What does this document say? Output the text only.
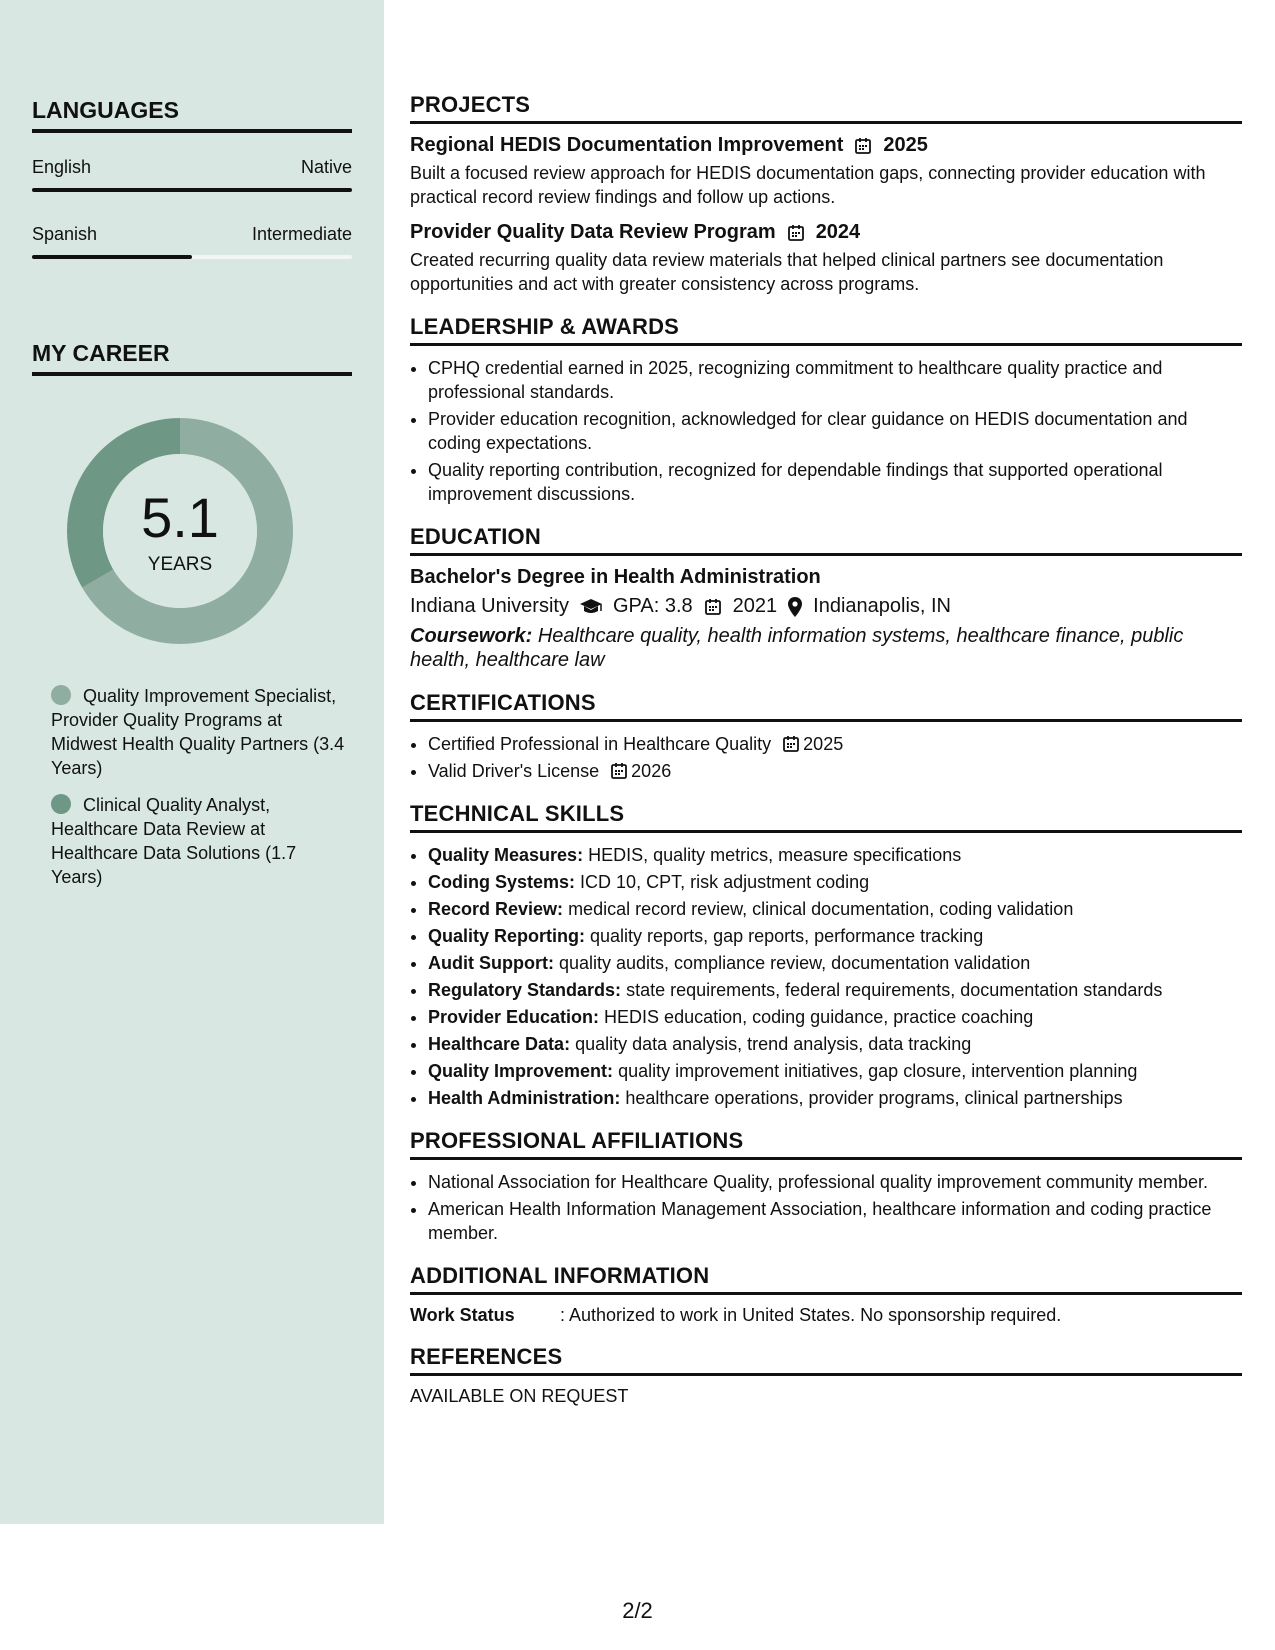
LANGUAGES
English	Native
Spanish	Intermediate
MY CAREER
5.1
YEARS
Quality Improvement Specialist, Provider Quality Programs at Midwest Health Quality Partners (3.4 Years)
Clinical Quality Analyst, Healthcare Data Review at Healthcare Data Solutions (1.7 Years)
PROJECTS
Regional HEDIS Documentation Improvement 2025
Built a focused review approach for HEDIS documentation gaps, connecting provider education with practical record review findings and follow up actions.
Provider Quality Data Review Program 2024
Created recurring quality data review materials that helped clinical partners see documentation opportunities and act with greater consistency across programs.
LEADERSHIP & AWARDS
• CPHQ credential earned in 2025, recognizing commitment to healthcare quality practice and professional standards.
• Provider education recognition, acknowledged for clear guidance on HEDIS documentation and coding expectations.
• Quality reporting contribution, recognized for dependable findings that supported operational improvement discussions.
EDUCATION
Bachelor's Degree in Health Administration
Indiana University GPA: 3.8 2021 Indianapolis, IN
Coursework: Healthcare quality, health information systems, healthcare finance, public health, healthcare law
CERTIFICATIONS
• Certified Professional in Healthcare Quality 2025
• Valid Driver's License 2026
TECHNICAL SKILLS
• Quality Measures: HEDIS, quality metrics, measure specifications
• Coding Systems: ICD 10, CPT, risk adjustment coding
• Record Review: medical record review, clinical documentation, coding validation
• Quality Reporting: quality reports, gap reports, performance tracking
• Audit Support: quality audits, compliance review, documentation validation
• Regulatory Standards: state requirements, federal requirements, documentation standards
• Provider Education: HEDIS education, coding guidance, practice coaching
• Healthcare Data: quality data analysis, trend analysis, data tracking
• Quality Improvement: quality improvement initiatives, gap closure, intervention planning
• Health Administration: healthcare operations, provider programs, clinical partnerships
PROFESSIONAL AFFILIATIONS
• National Association for Healthcare Quality, professional quality improvement community member.
• American Health Information Management Association, healthcare information and coding practice member.
ADDITIONAL INFORMATION
Work Status	: Authorized to work in United States. No sponsorship required.
REFERENCES
AVAILABLE ON REQUEST
2/2
